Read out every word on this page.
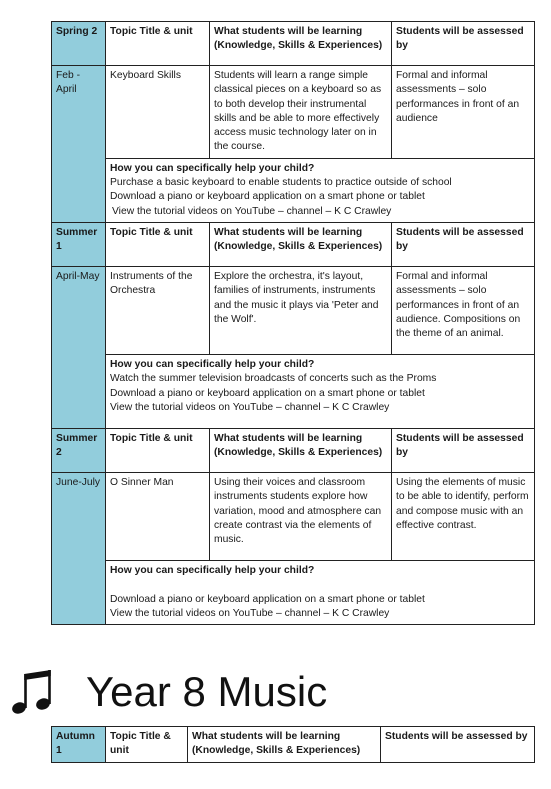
Spring 2	Topic Title & unit	What students will be learning (Knowledge, Skills & Experiences)	Students will be assessed by
Feb - April	Keyboard Skills	Students will learn a range simple classical pieces on a keyboard so as to both develop their instrumental skills and be able to more effectively access music technology later on in the course.	Formal and informal assessments – solo performances in front of an audience

	How you can specifically help your child?
Purchase a basic keyboard to enable students to practice outside of school
Download a piano or keyboard application on a smart phone or tablet
View the tutorial videos on YouTube – channel – K C Crawley		

Summer 1	Topic Title & unit	What students will be learning (Knowledge, Skills & Experiences)	Students will be assessed by
April-May	Instruments of the Orchestra	Explore the orchestra, it's layout, families of instruments, instruments and the music it plays via 'Peter and the Wolf'.	Formal and informal assessments – solo performances in front of an audience. Compositions on the theme of an animal.

	How you can specifically help your child?
Watch the summer television broadcasts of concerts such as the Proms
Download a piano or keyboard application on a smart phone or tablet
View the tutorial videos on YouTube – channel – K C Crawley		

Summer 2	Topic Title & unit	What students will be learning (Knowledge, Skills & Experiences)	Students will be assessed by
June-July	O Sinner Man	Using their voices and classroom instruments students explore how variation, mood and atmosphere can create contrast via the elements of music.	Using the elements of music to be able to identify, perform and compose music with an effective contrast.

	How you can specifically help your child?

Download a piano or keyboard application on a smart phone or tablet
View the tutorial videos on YouTube – channel – K C Crawley		
Year 8 Music
Autumn 1	Topic Title & unit	What students will be learning (Knowledge, Skills & Experiences)	Students will be assessed by
